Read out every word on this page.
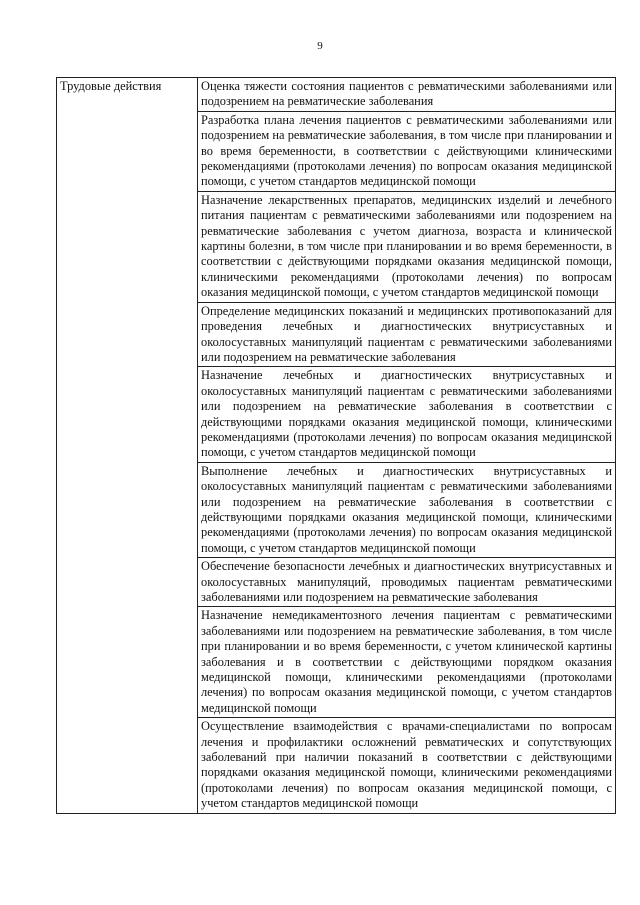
9
Трудовые действия	Оценка тяжести состояния пациентов с ревматическими заболеваниями или подозрением на ревматические заболевания
Разработка плана лечения пациентов с ревматическими заболеваниями или подозрением на ревматические заболевания, в том числе при планировании и во время беременности, в соответствии с действующими клиническими рекомендациями (протоколами лечения) по вопросам оказания медицинской помощи, с учетом стандартов медицинской помощи
Назначение лекарственных препаратов, медицинских изделий и лечебного питания пациентам с ревматическими заболеваниями или подозрением на ревматические заболевания с учетом диагноза, возраста и клинической картины болезни, в том числе при планировании и во время беременности, в соответствии с действующими порядками оказания медицинской помощи, клиническими рекомендациями (протоколами лечения) по вопросам оказания медицинской помощи, с учетом стандартов медицинской помощи
Определение медицинских показаний и медицинских противопоказаний для проведения лечебных и диагностических внутрисуставных и околосуставных манипуляций пациентам с ревматическими заболеваниями или подозрением на ревматические заболевания
Назначение лечебных и диагностических внутрисуставных и околосуставных манипуляций пациентам с ревматическими заболеваниями или подозрением на ревматические заболевания в соответствии с действующими порядками оказания медицинской помощи, клиническими рекомендациями (протоколами лечения) по вопросам оказания медицинской помощи, с учетом стандартов медицинской помощи
Выполнение лечебных и диагностических внутрисуставных и околосуставных манипуляций пациентам с ревматическими заболеваниями или подозрением на ревматические заболевания в соответствии с действующими порядками оказания медицинской помощи, клиническими рекомендациями (протоколами лечения) по вопросам оказания медицинской помощи, с учетом стандартов медицинской помощи
Обеспечение безопасности лечебных и диагностических внутрисуставных и околосуставных манипуляций, проводимых пациентам ревматическими заболеваниями или подозрением на ревматические заболевания
Назначение немедикаментозного лечения пациентам с ревматическими заболеваниями или подозрением на ревматические заболевания, в том числе при планировании и во время беременности, с учетом клинической картины заболевания и в соответствии с действующими порядком оказания медицинской помощи, клиническими рекомендациями (протоколами лечения) по вопросам оказания медицинской помощи, с учетом стандартов медицинской помощи
Осуществление взаимодействия с врачами-специалистами по вопросам лечения и профилактики осложнений ревматических и сопутствующих заболеваний при наличии показаний в соответствии с действующими порядками оказания медицинской помощи, клиническими рекомендациями (протоколами лечения) по вопросам оказания медицинской помощи, с учетом стандартов медицинской помощи
